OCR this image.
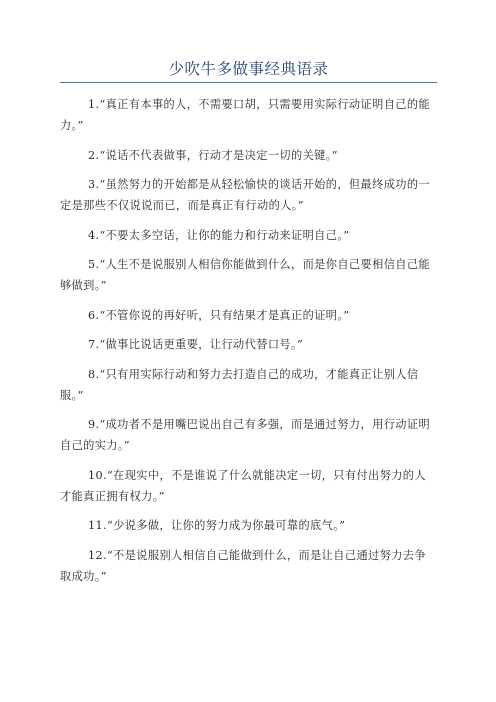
少吹牛多做事经典语录

1.“真正有本事的人，不需要口胡，只需要用实际行动证明自己的能力。”

2.“说话不代表做事，行动才是决定一切的关键。”

3.“虽然努力的开始都是从轻松愉快的谈话开始的，但最终成功的一定是那些不仅说说而已，而是真正有行动的人。”

4.“不要太多空话，让你的能力和行动来证明自己。”

5.“人生不是说服别人相信你能做到什么，而是你自己要相信自己能够做到。”

6.“不管你说的再好听，只有结果才是真正的证明。”

7.“做事比说话更重要，让行动代替口号。”

8.“只有用实际行动和努力去打造自己的成功，才能真正让别人信服。”

9.“成功者不是用嘴巴说出自己有多强，而是通过努力，用行动证明自己的实力。”

10.“在现实中，不是谁说了什么就能决定一切，只有付出努力的人才能真正拥有权力。”

11.“少说多做，让你的努力成为你最可靠的底气。”

12.“不是说服别人相信自己能做到什么，而是让自己通过努力去争取成功。”
